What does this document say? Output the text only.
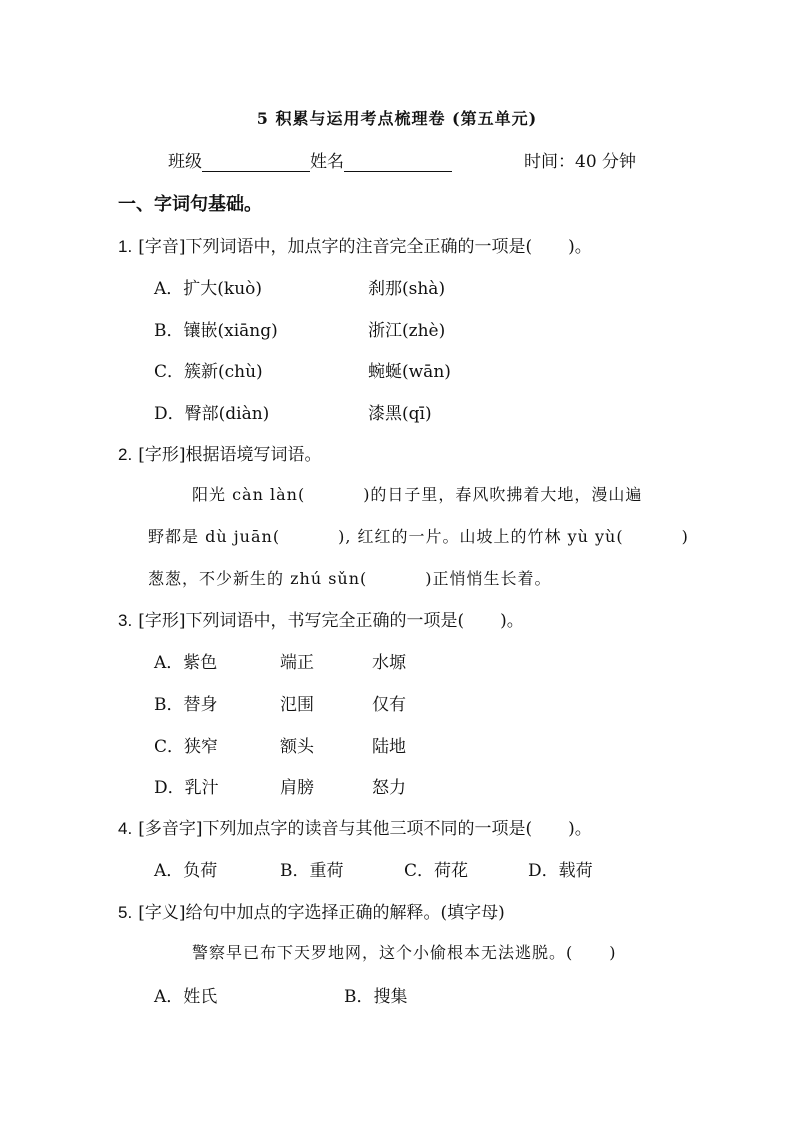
5 积累与运用考点梳理卷 (第五单元)
班级	姓名	时间：40 分钟
一、字词句基础。
1. [字音]下列词语中，加点字的注音完全正确的一项是( )。
A．扩大(kuò)	刹那(shà)
B．镶嵌(xiāng)	浙江(zhè)
C．簇新(chù)	蜿蜒(wān)
D．臀部(diàn)	漆黑(qī)
2. [字形]根据语境写词语。
阳光 càn làn(	)的日子里，春风吹拂着大地，漫山遍
野都是 dù juān(	), 红红的一片。山坡上的竹林 yù yù(	)
葱葱，不少新生的 zhú sǔn(	)正悄悄生长着。
3. [字形]下列词语中，书写完全正确的一项是( )。
A．紫色	端正	水塬
B．替身	氾围	仅有
C．狭窄	额头	陆地
D．乳汁	肩膀	怒力
4. [多音字]下列加点字的读音与其他三项不同的一项是( )。
A．负荷	B．重荷	C．荷花	D．载荷
5. [字义]给句中加点的字选择正确的解释。(填字母)
警察早已布下天罗地网，这个小偷根本无法逃脱。( )
A．姓氏	B．搜集
